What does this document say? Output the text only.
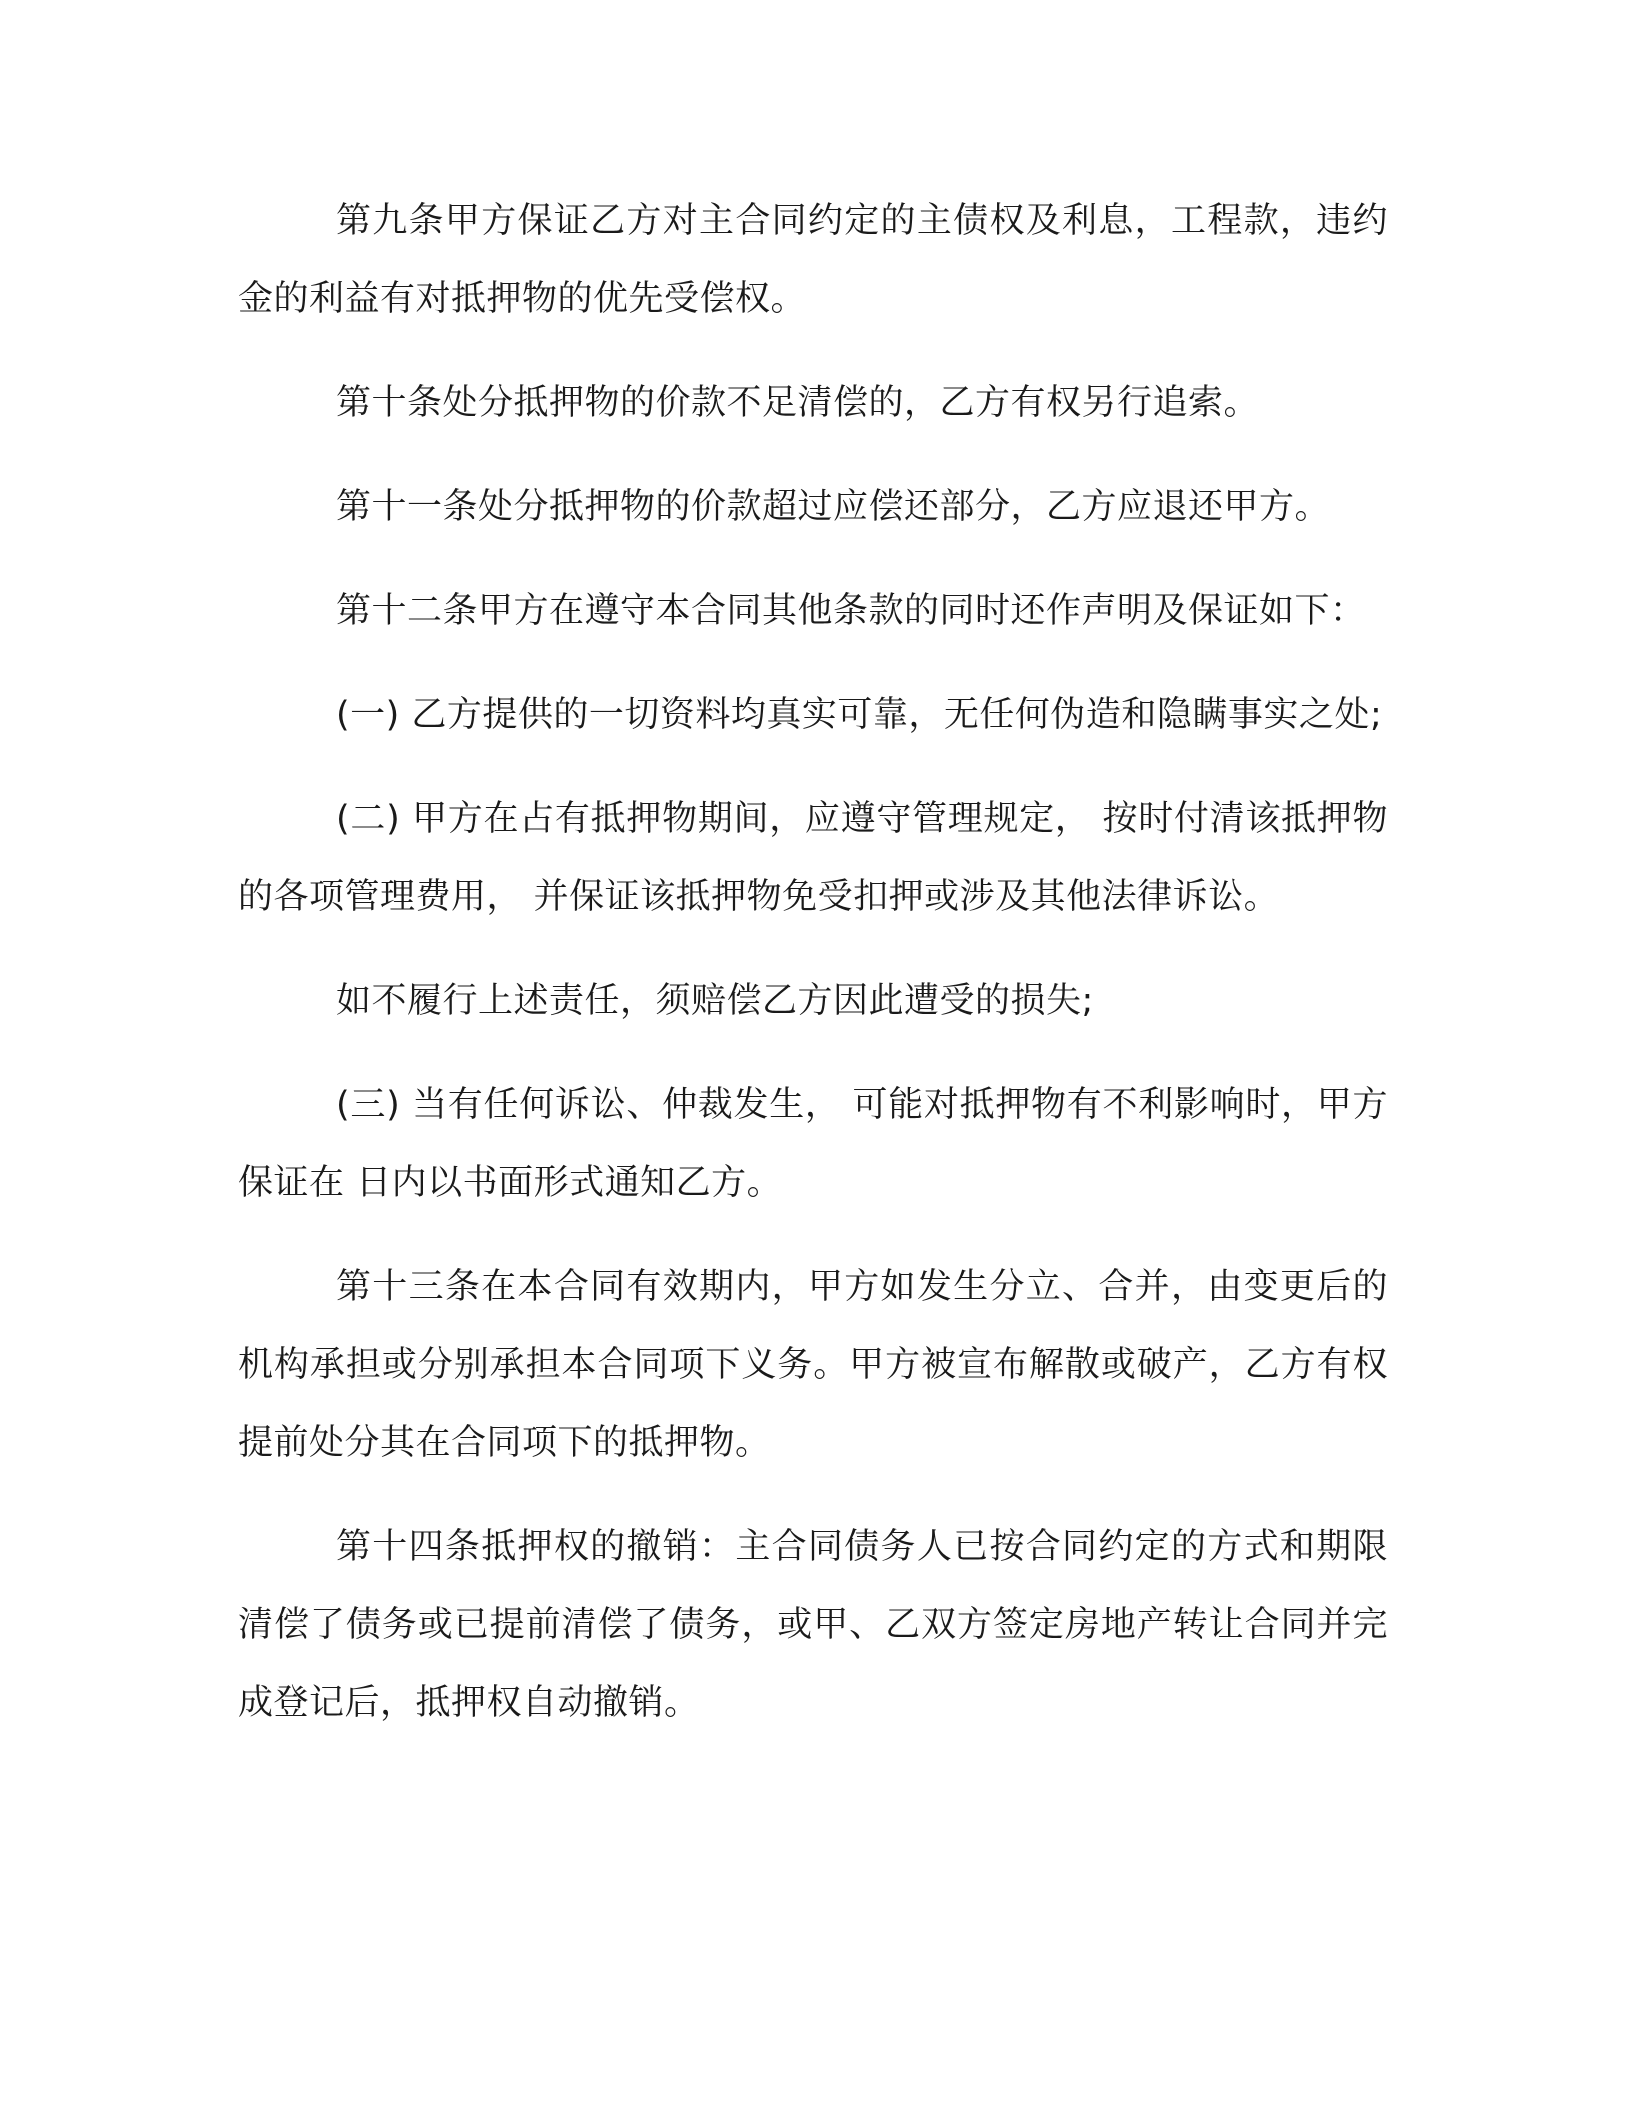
第九条甲方保证乙方对主合同约定的主债权及利息，工程款，违约金的利益有对抵押物的优先受偿权。

第十条处分抵押物的价款不足清偿的，乙方有权另行追索。

第十一条处分抵押物的价款超过应偿还部分，乙方应退还甲方。

第十二条甲方在遵守本合同其他条款的同时还作声明及保证如下：

(一) 乙方提供的一切资料均真实可靠，无任何伪造和隐瞒事实之处;

(二) 甲方在占有抵押物期间，应遵守管理规定， 按时付清该抵押物的各项管理费用， 并保证该抵押物免受扣押或涉及其他法律诉讼。

如不履行上述责任，须赔偿乙方因此遭受的损失;

(三) 当有任何诉讼、仲裁发生， 可能对抵押物有不利影响时，甲方保证在 日内以书面形式通知乙方。

第十三条在本合同有效期内，甲方如发生分立、合并，由变更后的机构承担或分别承担本合同项下义务。甲方被宣布解散或破产，乙方有权提前处分其在合同项下的抵押物。

第十四条抵押权的撤销：主合同债务人已按合同约定的方式和期限清偿了债务或已提前清偿了债务，或甲、乙双方签定房地产转让合同并完成登记后，抵押权自动撤销。
